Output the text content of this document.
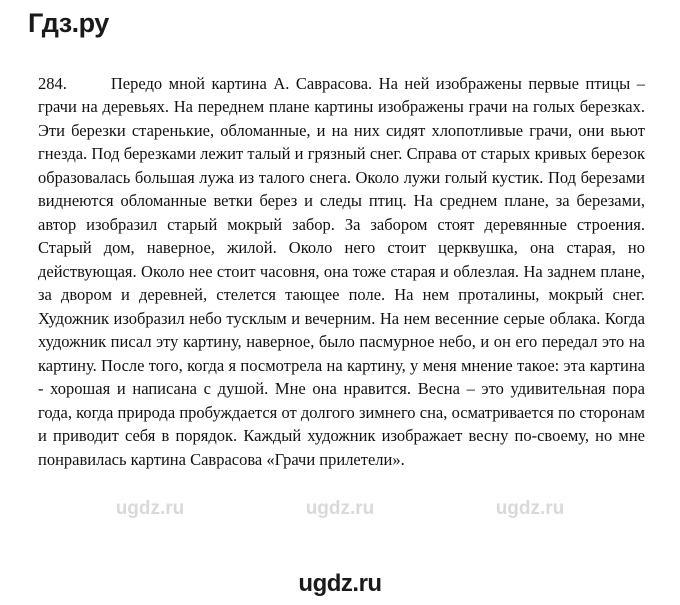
Гдз.ру

284.	Передо мной картина А. Саврасова. На ней изображены первые птицы – грачи на деревьях. На переднем плане картины изображены грачи на голых березках. Эти березки старенькие, обломанные, и на них сидят хлопотливые грачи, они вьют гнезда. Под березками лежит талый и грязный снег. Справа от старых кривых березок образовалась большая лужа из талого снега. Около лужи голый кустик. Под березами виднеются обломанные ветки берез и следы птиц. На среднем плане, за березами, автор изобразил старый мокрый забор. За забором стоят деревянные строения. Старый дом, наверное, жилой. Около него стоит церквушка, она старая, но действующая. Около нее стоит часовня, она тоже старая и облезлая. На заднем плане, за двором и деревней, стелется тающее поле. На нем проталины, мокрый снег. Художник изобразил небо тусклым и вечерним. На нем весенние серые облака. Когда художник писал эту картину, наверное, было пасмурное небо, и он его передал это на картину. После того, когда я посмотрела на картину, у меня мнение такое: эта картина - хорошая и написана с душой. Мне она нравится. Весна – это удивительная пора года, когда природа пробуждается от долгого зимнего сна, осматривается по сторонам и приводит себя в порядок. Каждый художник изображает весну по-своему, но мне понравилась картина Саврасова «Грачи прилетели».

ugdz.ru	ugdz.ru	ugdz.ru
ugdz.ru
